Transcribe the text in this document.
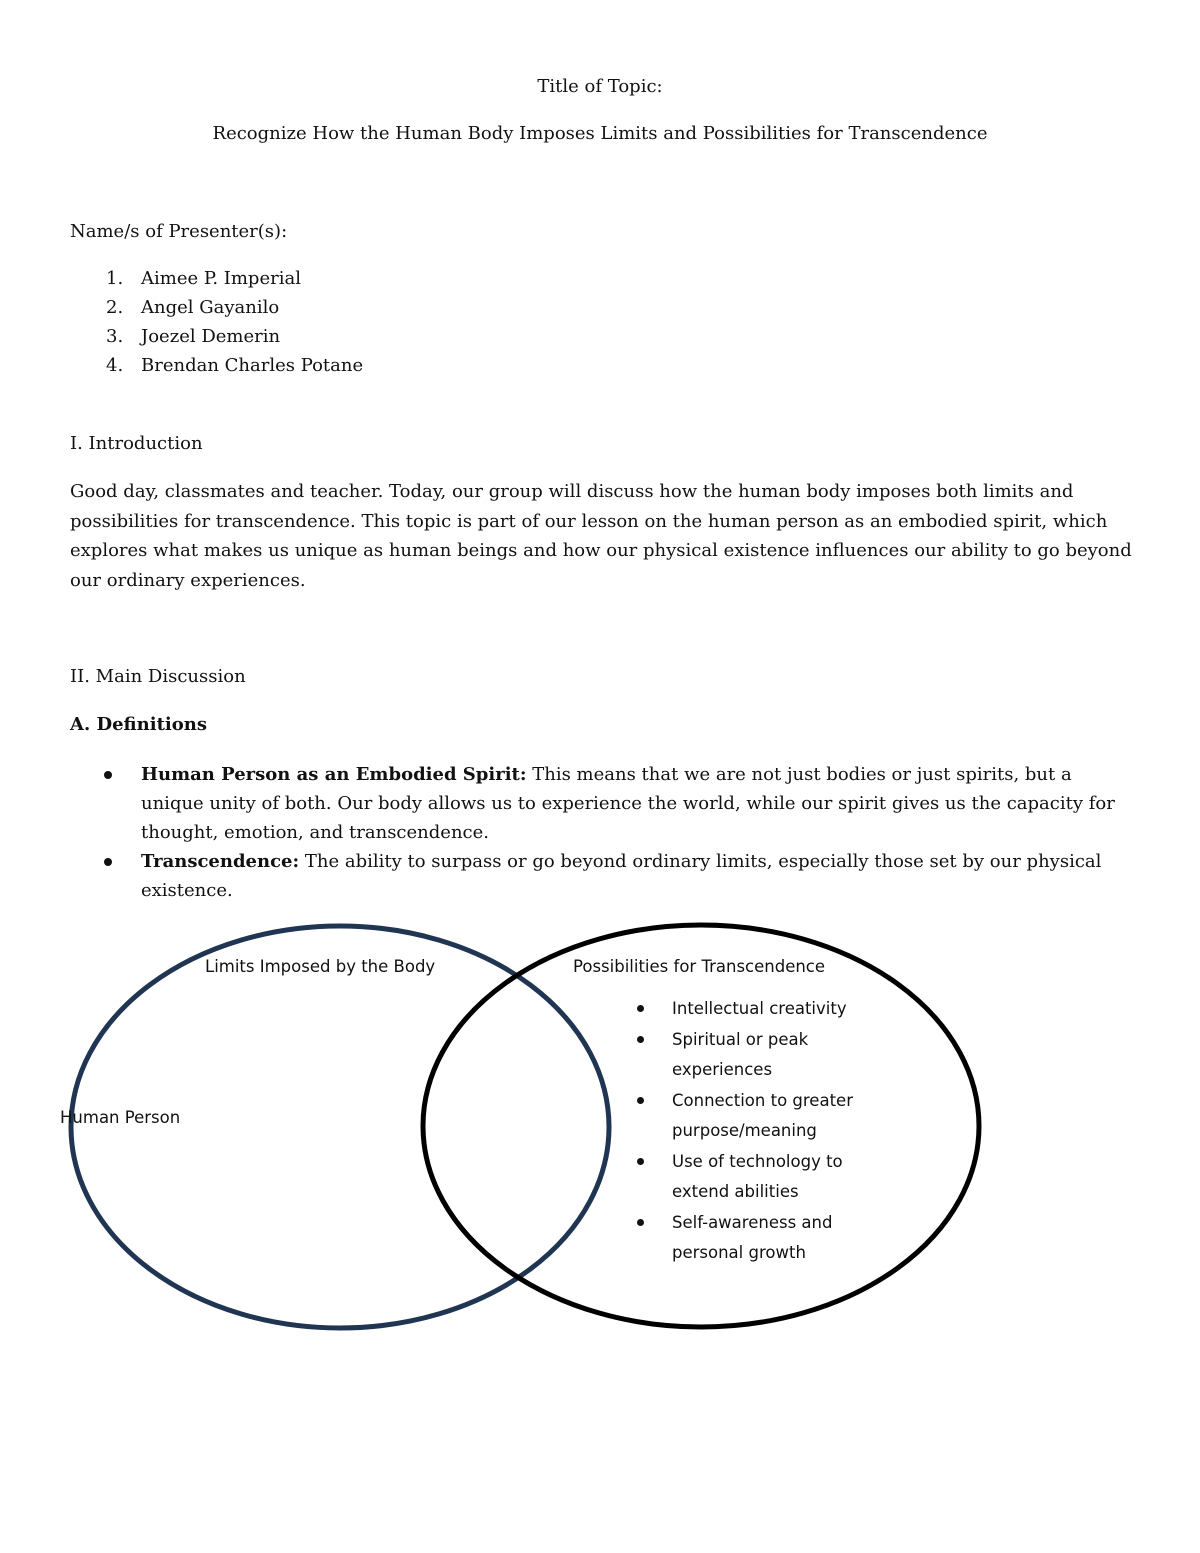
Title of Topic:
Recognize How the Human Body Imposes Limits and Possibilities for Transcendence
Name/s of Presenter(s):
1. Aimee P. Imperial
2. Angel Gayanilo
3. Joezel Demerin
4. Brendan Charles Potane
I. Introduction

Good day, classmates and teacher. Today, our group will discuss how the human body imposes both limits and possibilities for transcendence. This topic is part of our lesson on the human person as an embodied spirit, which explores what makes us unique as human beings and how our physical existence influences our ability to go beyond our ordinary experiences.

II. Main Discussion
A. Definitions
Human Person as an Embodied Spirit: This means that we are not just bodies or just spirits, but a unique unity of both. Our body allows us to experience the world, while our spirit gives us the capacity for thought, emotion, and transcendence.
Transcendence: The ability to surpass or go beyond ordinary limits, especially those set by our physical existence.
Limits Imposed by the Body	Possibilities for Transcendence
Human Person
Intellectual creativity
Spiritual or peak experiences
Connection to greater purpose/meaning
Use of technology to extend abilities
Self-awareness and personal growth
